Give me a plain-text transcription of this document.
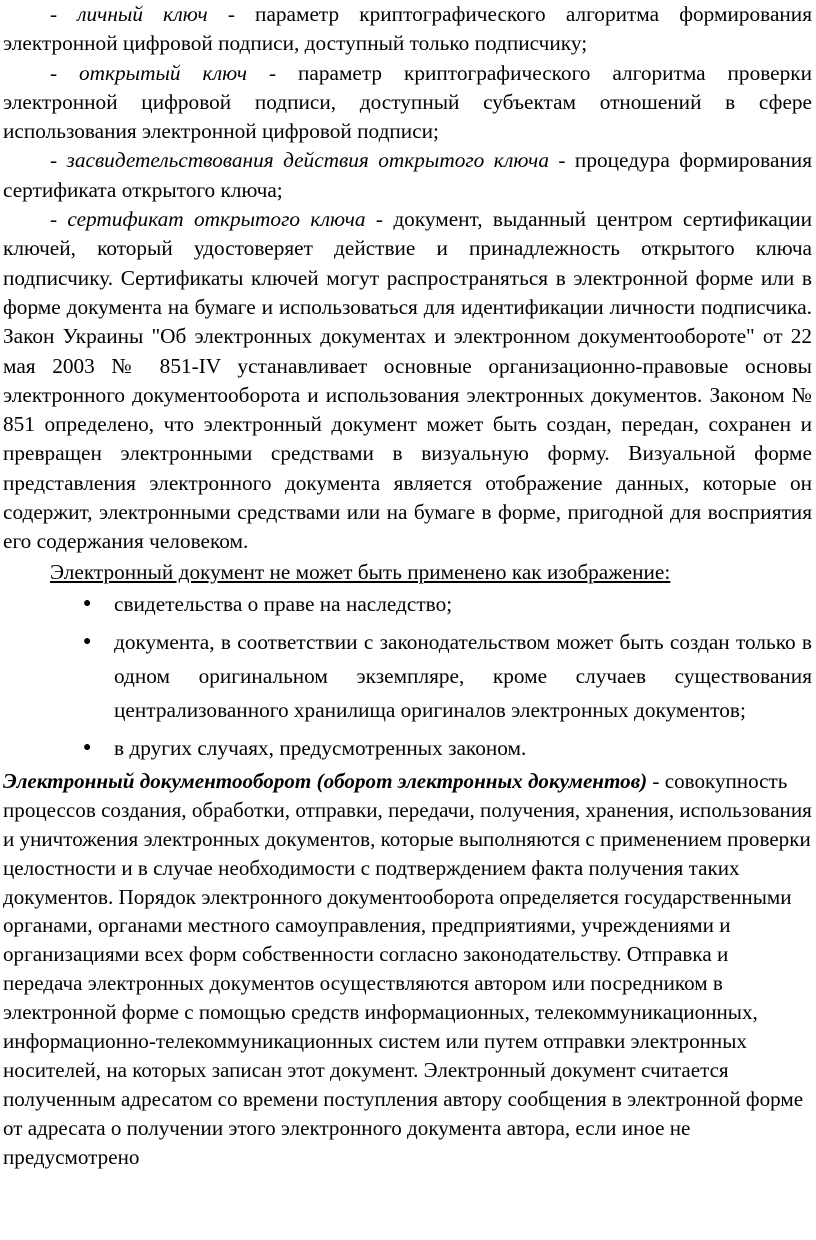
- личный ключ - параметр криптографического алгоритма формирования электронной цифровой подписи, доступный только подписчику;

- открытый ключ - параметр криптографического алгоритма проверки электронной цифровой подписи, доступный субъектам отношений в сфере использования электронной цифровой подписи;

- засвидетельствования действия открытого ключа - процедура формирования сертификата открытого ключа;

- сертификат открытого ключа - документ, выданный центром сертификации ключей, который удостоверяет действие и принадлежность открытого ключа подписчику. Сертификаты ключей могут распространяться в электронной форме или в форме документа на бумаге и использоваться для идентификации личности подписчика. Закон Украины "Об электронных документах и электронном документообороте" от 22 мая 2003 № 851-IV устанавливает основные организационно-правовые основы электронного документооборота и использования электронных документов. Законом № 851 определено, что электронный документ может быть создан, передан, сохранен и превращен электронными средствами в визуальную форму. Визуальной форме представления электронного документа является отображение данных, которые он содержит, электронными средствами или на бумаге в форме, пригодной для восприятия его содержания человеком.

Электронный документ не может быть применено как изображение:

● свидетельства о праве на наследство;
● документа, в соответствии с законодательством может быть создан только в одном оригинальном экземпляре, кроме случаев существования централизованного хранилища оригиналов электронных документов;
● в других случаях, предусмотренных законом.

Электронный документооборот (оборот электронных документов) - совокупность процессов создания, обработки, отправки, передачи, получения, хранения, использования и уничтожения электронных документов, которые выполняются с применением проверки целостности и в случае необходимости с подтверждением факта получения таких документов. Порядок электронного документооборота определяется государственными органами, органами местного самоуправления, предприятиями, учреждениями и организациями всех форм собственности согласно законодательству. Отправка и передача электронных документов осуществляются автором или посредником в электронной форме с помощью средств информационных, телекоммуникационных, информационно-телекоммуникационных систем или путем отправки электронных носителей, на которых записан этот документ. Электронный документ считается полученным адресатом со времени поступления автору сообщения в электронной форме от адресата о получении этого электронного документа автора, если иное не предусмотрено
